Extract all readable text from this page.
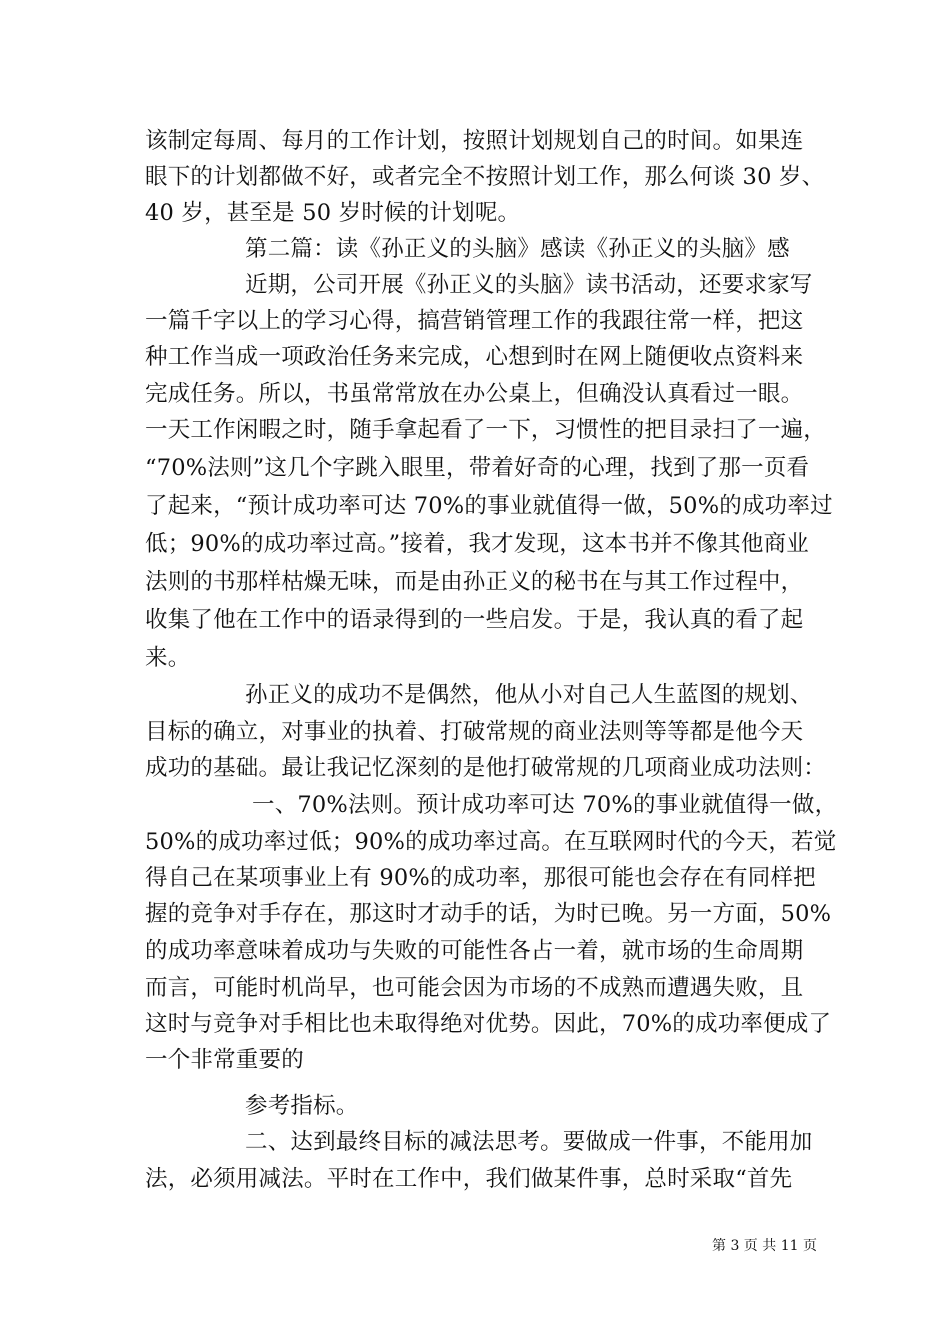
该制定每周、每月的工作计划，按照计划规划自己的时间。如果连
眼下的计划都做不好，或者完全不按照计划工作，那么何谈 30 岁、
40 岁，甚至是 50 岁时候的计划呢。
第二篇：读《孙正义的头脑》感读《孙正义的头脑》感
近期，公司开展《孙正义的头脑》读书活动，还要求家写
一篇千字以上的学习心得，搞营销管理工作的我跟往常一样，把这
种工作当成一项政治任务来完成，心想到时在网上随便收点资料来
完成任务。所以，书虽常常放在办公桌上，但确没认真看过一眼。
一天工作闲暇之时，随手拿起看了一下，习惯性的把目录扫了一遍，
“70%法则”这几个字跳入眼里，带着好奇的心理，找到了那一页看
了起来，“预计成功率可达 70%的事业就值得一做，50%的成功率过
低；90%的成功率过高。”接着，我才发现，这本书并不像其他商业
法则的书那样枯燥无味，而是由孙正义的秘书在与其工作过程中，
收集了他在工作中的语录得到的一些启发。于是，我认真的看了起
来。
孙正义的成功不是偶然，他从小对自己人生蓝图的规划、
目标的确立，对事业的执着、打破常规的商业法则等等都是他今天
成功的基础。最让我记忆深刻的是他打破常规的几项商业成功法则：
一、70%法则。预计成功率可达 70%的事业就值得一做，
50%的成功率过低；90%的成功率过高。在互联网时代的今天，若觉
得自己在某项事业上有 90%的成功率，那很可能也会存在有同样把
握的竞争对手存在，那这时才动手的话，为时已晚。另一方面，50%
的成功率意味着成功与失败的可能性各占一着，就市场的生命周期
而言，可能时机尚早，也可能会因为市场的不成熟而遭遇失败，且
这时与竞争对手相比也未取得绝对优势。因此，70%的成功率便成了
一个非常重要的
参考指标。
二、达到最终目标的减法思考。要做成一件事，不能用加
法，必须用减法。平时在工作中，我们做某件事，总时采取“首先
第 3 页 共 11 页
